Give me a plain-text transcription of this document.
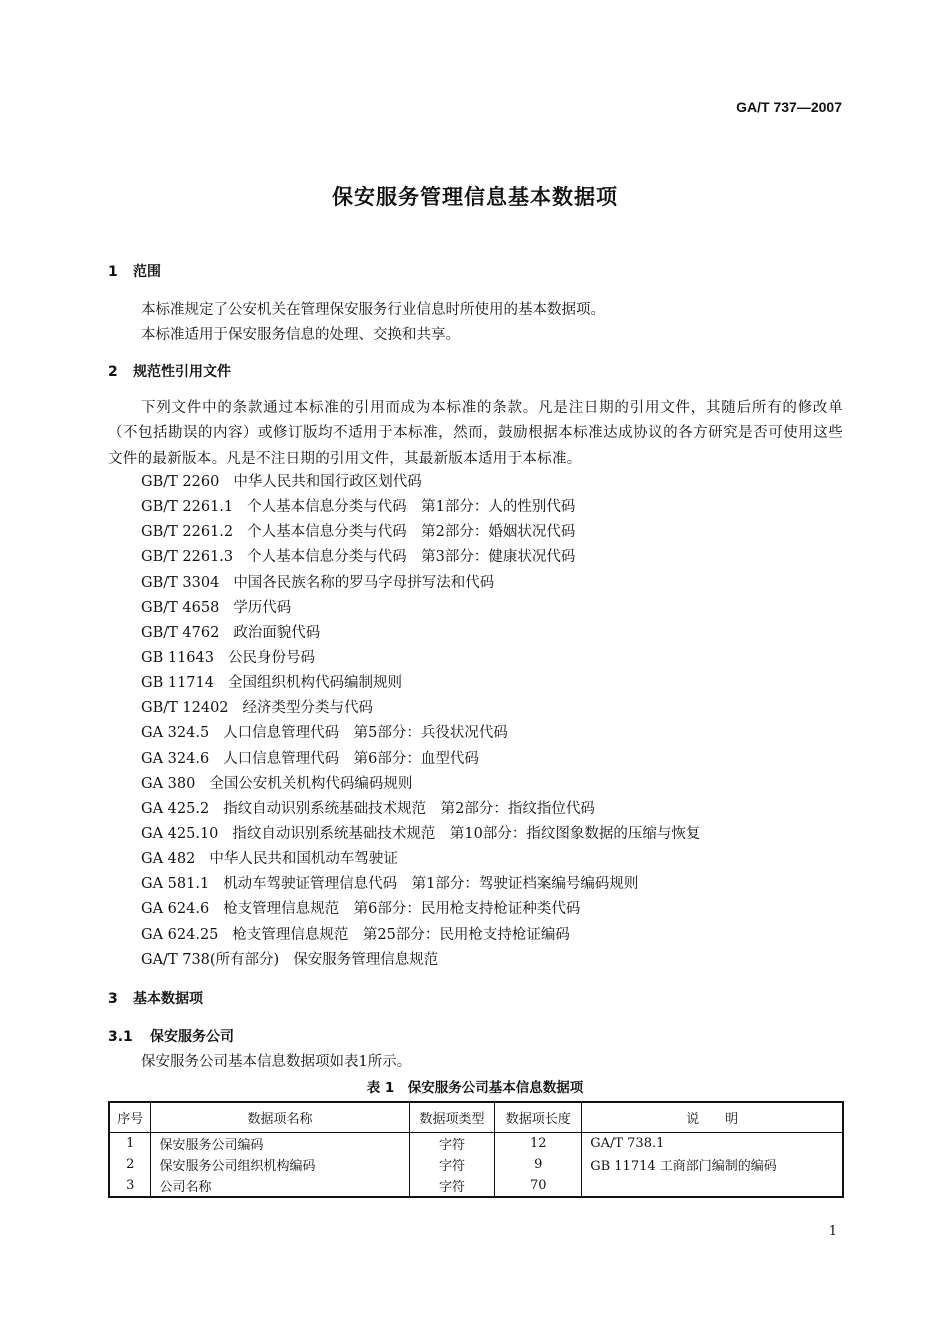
GA/T 737—2007
保安服务管理信息基本数据项
1 范围
本标准规定了公安机关在管理保安服务行业信息时所使用的基本数据项。
本标准适用于保安服务信息的处理、交换和共享。
2 规范性引用文件
下列文件中的条款通过本标准的引用而成为本标准的条款。凡是注日期的引用文件，其随后所有的修改单（不包括勘误的内容）或修订版均不适用于本标准，然而，鼓励根据本标准达成协议的各方研究是否可使用这些文件的最新版本。凡是不注日期的引用文件，其最新版本适用于本标准。
GB/T 2260 中华人民共和国行政区划代码
GB/T 2261.1 个人基本信息分类与代码　第1部分：人的性别代码
GB/T 2261.2 个人基本信息分类与代码　第2部分：婚姻状况代码
GB/T 2261.3 个人基本信息分类与代码　第3部分：健康状况代码
GB/T 3304 中国各民族名称的罗马字母拼写法和代码
GB/T 4658 学历代码
GB/T 4762 政治面貌代码
GB 11643 公民身份号码
GB 11714 全国组织机构代码编制规则
GB/T 12402 经济类型分类与代码
GA 324.5 人口信息管理代码　第5部分：兵役状况代码
GA 324.6 人口信息管理代码　第6部分：血型代码
GA 380 全国公安机关机构代码编码规则
GA 425.2 指纹自动识别系统基础技术规范　第2部分：指纹指位代码
GA 425.10 指纹自动识别系统基础技术规范　第10部分：指纹图象数据的压缩与恢复
GA 482 中华人民共和国机动车驾驶证
GA 581.1 机动车驾驶证管理信息代码　第1部分：驾驶证档案编号编码规则
GA 624.6 枪支管理信息规范　第6部分：民用枪支持枪证种类代码
GA 624.25 枪支管理信息规范　第25部分：民用枪支持枪证编码
GA/T 738(所有部分) 保安服务管理信息规范
3 基本数据项
3.1 保安服务公司
保安服务公司基本信息数据项如表1所示。
表 1　保安服务公司基本信息数据项
序号	数据项名称	数据项类型	数据项长度	说　　明
1	保安服务公司编码	字符	12	GA/T 738.1
2	保安服务公司组织机构编码	字符	9	GB 11714 工商部门编制的编码
3	公司名称	字符	70	
1
